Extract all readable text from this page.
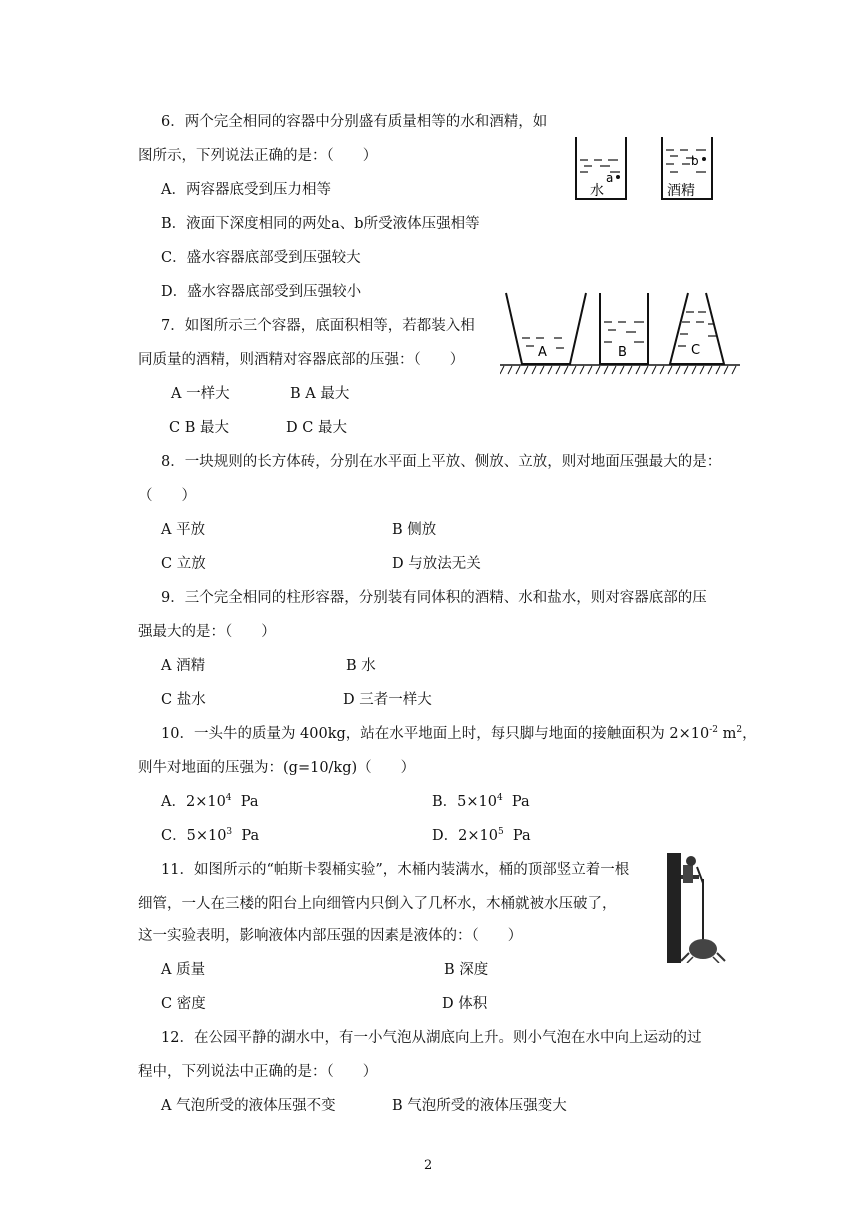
6．两个完全相同的容器中分别盛有质量相等的水和酒精，如
图所示，下列说法正确的是：（　　）
A．两容器底受到压力相等
B．液面下深度相同的两处a、b所受液体压强相等
C．盛水容器底部受到压强较大
D．盛水容器底部受到压强较小
a
b
水	酒精
7．如图所示三个容器，底面积相等，若都装入相
同质量的酒精，则酒精对容器底部的压强：（　　）
A 一样大	B A 最大
C B 最大	D C 最大
A	B	C
8．一块规则的长方体砖，分别在水平面上平放、侧放、立放，则对地面压强最大的是：
（　　）
A 平放	B 侧放
C 立放	D 与放法无关
9．三个完全相同的柱形容器，分别装有同体积的酒精、水和盐水，则对容器底部的压
强最大的是：（　　）
A 酒精	B 水
C 盐水	D 三者一样大
10．一头牛的质量为 400kg，站在水平地面上时，每只脚与地面的接触面积为 $2\times 10^{-2}$ $m^2$，
则牛对地面的压强为：(g=10/kg)（　　）
A．$2\times 10^4$  Pa	B．$5\times 10^4$  Pa
C．$5\times 10^3$  Pa	D．$2\times 10^5$  Pa
11．如图所示的“帕斯卡裂桶实验”，木桶内装满水，桶的顶部竖立着一根
细管，一人在三楼的阳台上向细管内只倒入了几杯水，木桶就被水压破了，
这一实验表明，影响液体内部压强的因素是液体的：（　　）
A 质量	B 深度
C 密度	D 体积
12．在公园平静的湖水中，有一小气泡从湖底向上升。则小气泡在水中向上运动的过
程中，下列说法中正确的是：（　　）
A 气泡所受的液体压强不变	B 气泡所受的液体压强变大
2
